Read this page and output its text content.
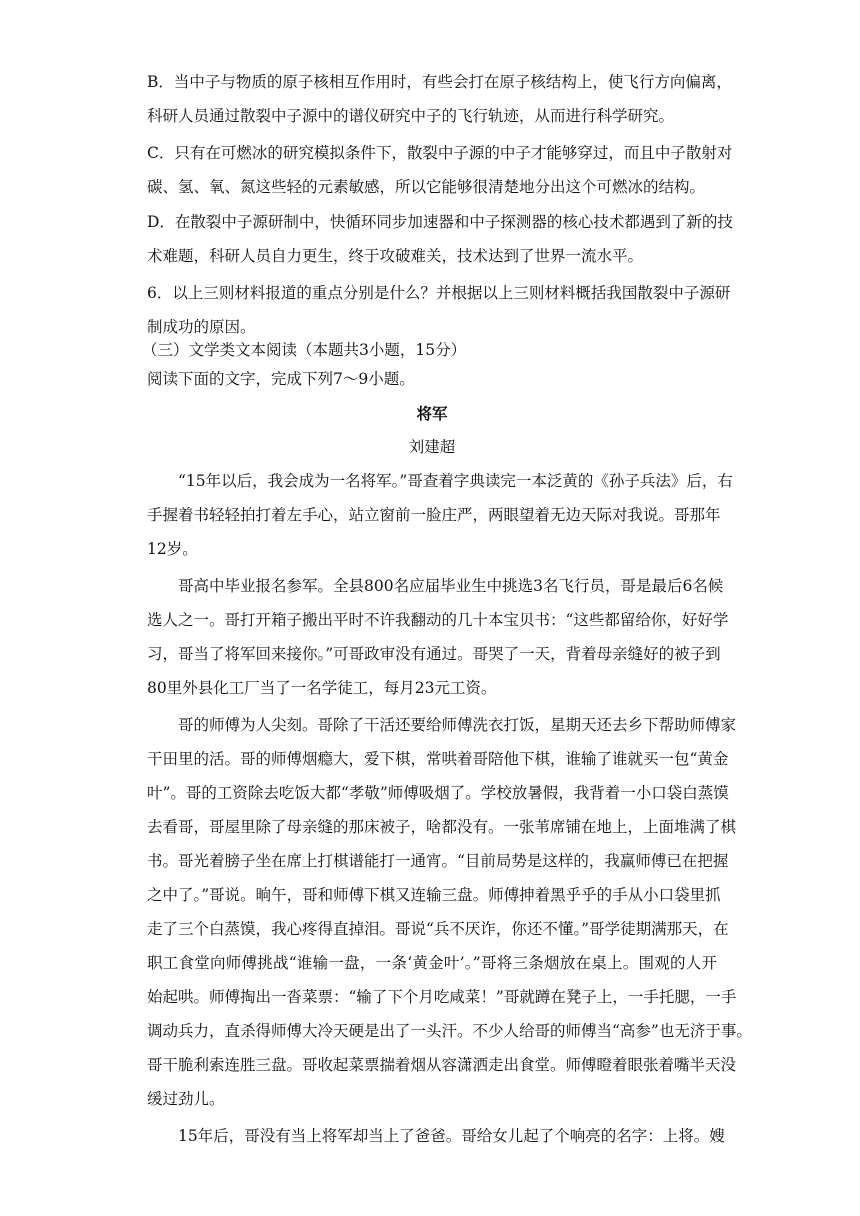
B．当中子与物质的原子核相互作用时，有些会打在原子核结构上，使飞行方向偏离，
科研人员通过散裂中子源中的谱仪研究中子的飞行轨迹，从而进行科学研究。
C．只有在可燃冰的研究模拟条件下，散裂中子源的中子才能够穿过，而且中子散射对
碳、氢、氧、氮这些轻的元素敏感，所以它能够很清楚地分出这个可燃冰的结构。
D．在散裂中子源研制中，快循环同步加速器和中子探测器的核心技术都遇到了新的技
术难题，科研人员自力更生，终于攻破难关，技术达到了世界一流水平。
6．以上三则材料报道的重点分别是什么？并根据以上三则材料概括我国散裂中子源研
制成功的原因。
（三）文学类文本阅读（本题共3小题，15分）
阅读下面的文字，完成下列7～9小题。
将军
刘建超
“15年以后，我会成为一名将军。”哥查着字典读完一本泛黄的《孙子兵法》后，右
手握着书轻轻拍打着左手心，站立窗前一脸庄严，两眼望着无边天际对我说。哥那年
12岁。
哥高中毕业报名参军。全县800名应届毕业生中挑选3名飞行员，哥是最后6名候
选人之一。哥打开箱子搬出平时不许我翻动的几十本宝贝书：“这些都留给你，好好学
习，哥当了将军回来接你。”可哥政审没有通过。哥哭了一天，背着母亲缝好的被子到
80里外县化工厂当了一名学徒工，每月23元工资。
哥的师傅为人尖刻。哥除了干活还要给师傅洗衣打饭，星期天还去乡下帮助师傅家
干田里的活。哥的师傅烟瘾大，爱下棋，常哄着哥陪他下棋，谁输了谁就买一包“黄金
叶”。哥的工资除去吃饭大都“孝敬”师傅吸烟了。学校放暑假，我背着一小口袋白蒸馍
去看哥，哥屋里除了母亲缝的那床被子，啥都没有。一张苇席铺在地上，上面堆满了棋
书。哥光着膀子坐在席上打棋谱能打一通宵。“目前局势是这样的，我赢师傅已在把握
之中了。”哥说。晌午，哥和师傅下棋又连输三盘。师傅抻着黑乎乎的手从小口袋里抓
走了三个白蒸馍，我心疼得直掉泪。哥说“兵不厌诈，你还不懂。”哥学徒期满那天，在
职工食堂向师傅挑战“谁输一盘，一条‘黄金叶’。”哥将三条烟放在桌上。围观的人开
始起哄。师傅掏出一沓菜票：“输了下个月吃咸菜！”哥就蹲在凳子上，一手托腮，一手
调动兵力，直杀得师傅大冷天硬是出了一头汗。不少人给哥的师傅当“高参”也无济于事。
哥干脆利索连胜三盘。哥收起菜票揣着烟从容潇洒走出食堂。师傅瞪着眼张着嘴半天没
缓过劲儿。
15年后，哥没有当上将军却当上了爸爸。哥给女儿起了个响亮的名字：上将。嫂
